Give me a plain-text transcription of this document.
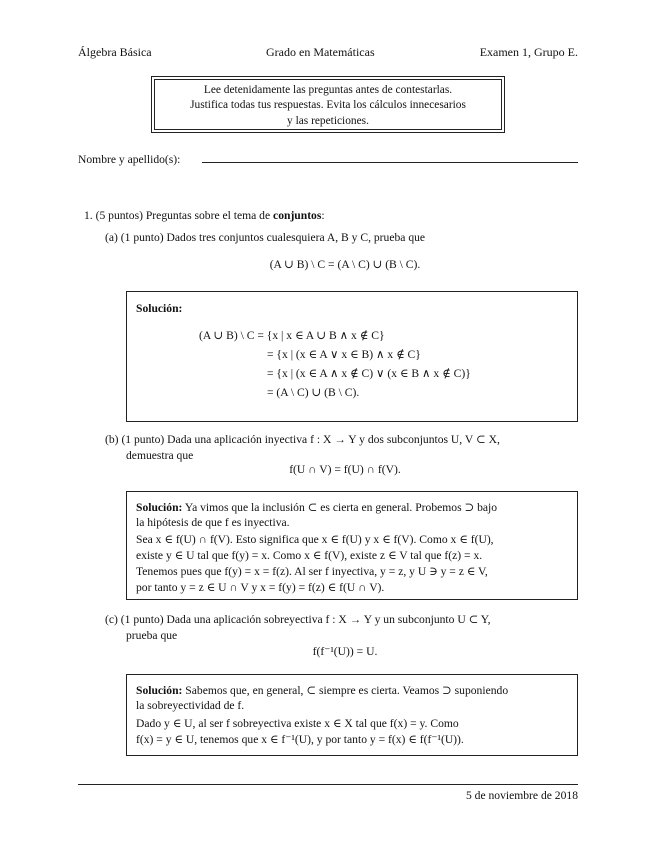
Álgebra Básica	Grado en Matemáticas	Examen 1, Grupo E.
Lee detenidamente las preguntas antes de contestarlas.
Justifica todas tus respuestas. Evita los cálculos innecesarios
y las repeticiones.
Nombre y apellido(s):
1. (5 puntos) Preguntas sobre el tema de conjuntos:
(a) (1 punto) Dados tres conjuntos cualesquiera A, B y C, prueba que
(A ∪ B) \ C = (A \ C) ∪ (B \ C).
Solución:
(A ∪ B) \ C = {x | x ∈ A ∪ B ∧ x ∉ C}
= {x | (x ∈ A ∨ x ∈ B) ∧ x ∉ C}
= {x | (x ∈ A ∧ x ∉ C) ∨ (x ∈ B ∧ x ∉ C)}
= (A \ C) ∪ (B \ C).
(b) (1 punto) Dada una aplicación inyectiva f : X → Y y dos subconjuntos U, V ⊂ X,
demuestra que
f(U ∩ V) = f(U) ∩ f(V).
Solución: Ya vimos que la inclusión ⊂ es cierta en general. Probemos ⊃ bajo
la hipótesis de que f es inyectiva.
Sea x ∈ f(U) ∩ f(V). Esto significa que x ∈ f(U) y x ∈ f(V). Como x ∈ f(U),
existe y ∈ U tal que f(y) = x. Como x ∈ f(V), existe z ∈ V tal que f(z) = x.
Tenemos pues que f(y) = x = f(z). Al ser f inyectiva, y = z, y U ∋ y = z ∈ V,
por tanto y = z ∈ U ∩ V y x = f(y) = f(z) ∈ f(U ∩ V).
(c) (1 punto) Dada una aplicación sobreyectiva f : X → Y y un subconjunto U ⊂ Y,
prueba que
f(f⁻¹(U)) = U.
Solución: Sabemos que, en general, ⊂ siempre es cierta. Veamos ⊃ suponiendo
la sobreyectividad de f.
Dado y ∈ U, al ser f sobreyectiva existe x ∈ X tal que f(x) = y. Como
f(x) = y ∈ U, tenemos que x ∈ f⁻¹(U), y por tanto y = f(x) ∈ f(f⁻¹(U)).
5 de noviembre de 2018
